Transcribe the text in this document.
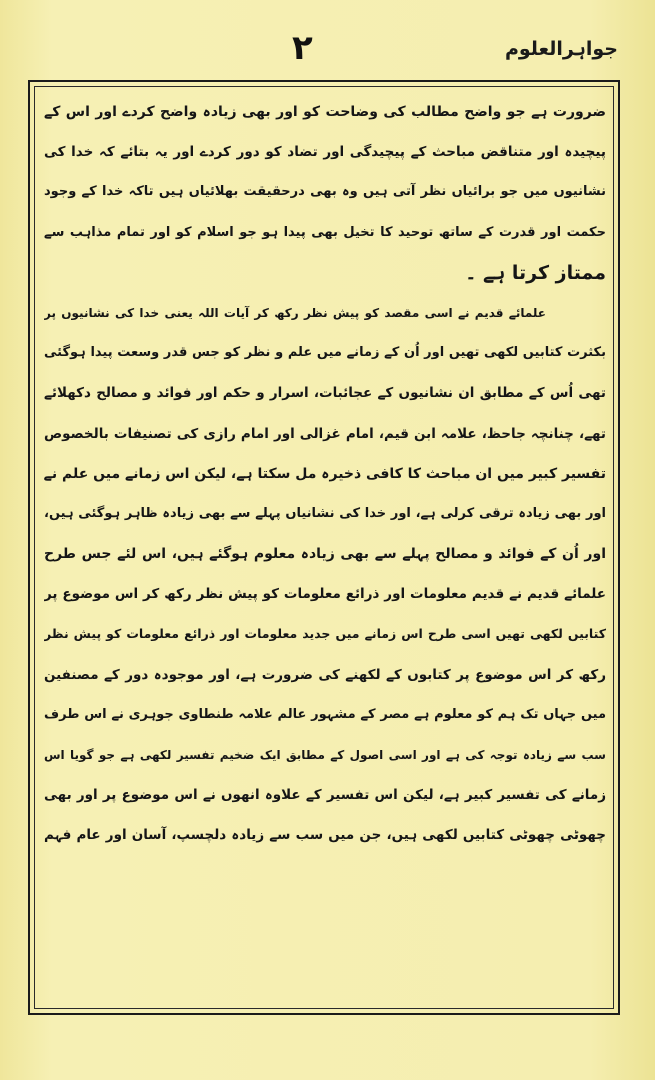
۲	جواہرالعلوم
ضرورت ہے جو واضح مطالب کی وضاحت کو اور بھی زیادہ واضح کردے اور اس کے
پیچیدہ اور متناقض مباحث کے پیچیدگی اور تضاد کو دور کردے اور یہ بتائے کہ خدا کی
نشانیوں میں جو برائیاں نظر آتی ہیں وہ بھی درحقیقت بھلائیاں ہیں تاکہ خدا کے وجود
حکمت اور قدرت کے ساتھ توحید کا تخیل بھی پیدا ہو جو اسلام کو اور تمام مذاہب سے
ممتاز کرتا ہے ۔
علمائے قدیم نے اسی مقصد کو پیش نظر رکھ کر آیات اللہ یعنی خدا کی نشانیوں پر
بکثرت کتابیں لکھی تھیں اور اُن کے زمانے میں علم و نظر کو جس قدر وسعت پیدا ہوگئی
تھی اُس کے مطابق ان نشانیوں کے عجائبات، اسرار و حکم اور فوائد و مصالح دکھلائے
تھے، چنانچہ جاحظ، علامہ ابن قیم، امام غزالی اور امام رازی کی تصنیفات بالخصوص
تفسیر کبیر میں ان مباحث کا کافی ذخیرہ مل سکتا ہے، لیکن اس زمانے میں علم نے
اور بھی زیادہ ترقی کرلی ہے، اور خدا کی نشانیاں پہلے سے بھی زیادہ ظاہر ہوگئی ہیں،
اور اُن کے فوائد و مصالح پہلے سے بھی زیادہ معلوم ہوگئے ہیں، اس لئے جس طرح
علمائے قدیم نے قدیم معلومات اور ذرائع معلومات کو پیش نظر رکھ کر اس موضوع پر
کتابیں لکھی تھیں اسی طرح اس زمانے میں جدید معلومات اور ذرائع معلومات کو پیش نظر
رکھ کر اس موضوع پر کتابوں کے لکھنے کی ضرورت ہے، اور موجودہ دور کے مصنفین
میں جہاں تک ہم کو معلوم ہے مصر کے مشہور عالم علامہ طنطاوی جوہری نے اس طرف
سب سے زیادہ توجہ کی ہے اور اسی اصول کے مطابق ایک ضخیم تفسیر لکھی ہے جو گویا اس
زمانے کی تفسیر کبیر ہے، لیکن اس تفسیر کے علاوہ انھوں نے اس موضوع پر اور بھی
چھوٹی چھوٹی کتابیں لکھی ہیں، جن میں سب سے زیادہ دلچسپ، آسان اور عام فہم
